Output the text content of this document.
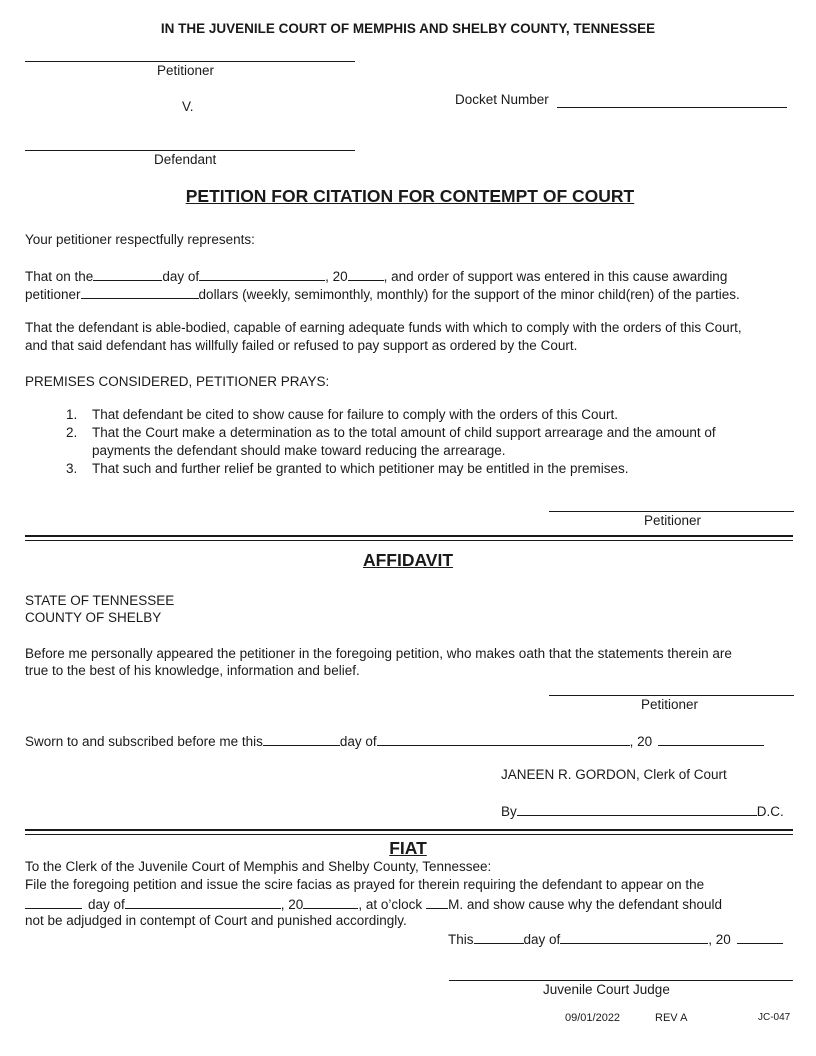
IN THE JUVENILE COURT OF MEMPHIS AND SHELBY COUNTY, TENNESSEE
Petitioner
V.	Docket Number
Defendant
PETITION FOR CITATION FOR CONTEMPT OF COURT
Your petitioner respectfully represents:
That on the	day of	, 20	, and order of support was entered in this cause awarding
petitioner	dollars (weekly, semimonthly, monthly) for the support of the minor child(ren) of the parties.
That the defendant is able-bodied, capable of earning adequate funds with which to comply with the orders of this Court,
and that said defendant has willfully failed or refused to pay support as ordered by the Court.
PREMISES CONSIDERED, PETITIONER PRAYS:
1. That defendant be cited to show cause for failure to comply with the orders of this Court.
2. That the Court make a determination as to the total amount of child support arrearage and the amount of
payments the defendant should make toward reducing the arrearage.
3. That such and further relief be granted to which petitioner may be entitled in the premises.
Petitioner
AFFIDAVIT
STATE OF TENNESSEE
COUNTY OF SHELBY
Before me personally appeared the petitioner in the foregoing petition, who makes oath that the statements therein are
true to the best of his knowledge, information and belief.
Petitioner
Sworn to and subscribed before me this	day of	, 20
JANEEN R. GORDON, Clerk of Court
By	D.C.
FIAT
To the Clerk of the Juvenile Court of Memphis and Shelby County, Tennessee:
File the foregoing petition and issue the scire facias as prayed for therein requiring the defendant to appear on the
day of	, 20	, at o’clock M. and show cause why the defendant should
not be adjudged in contempt of Court and punished accordingly.
This	day of	, 20
Juvenile Court Judge
09/01/2022	REV A	JC-047
